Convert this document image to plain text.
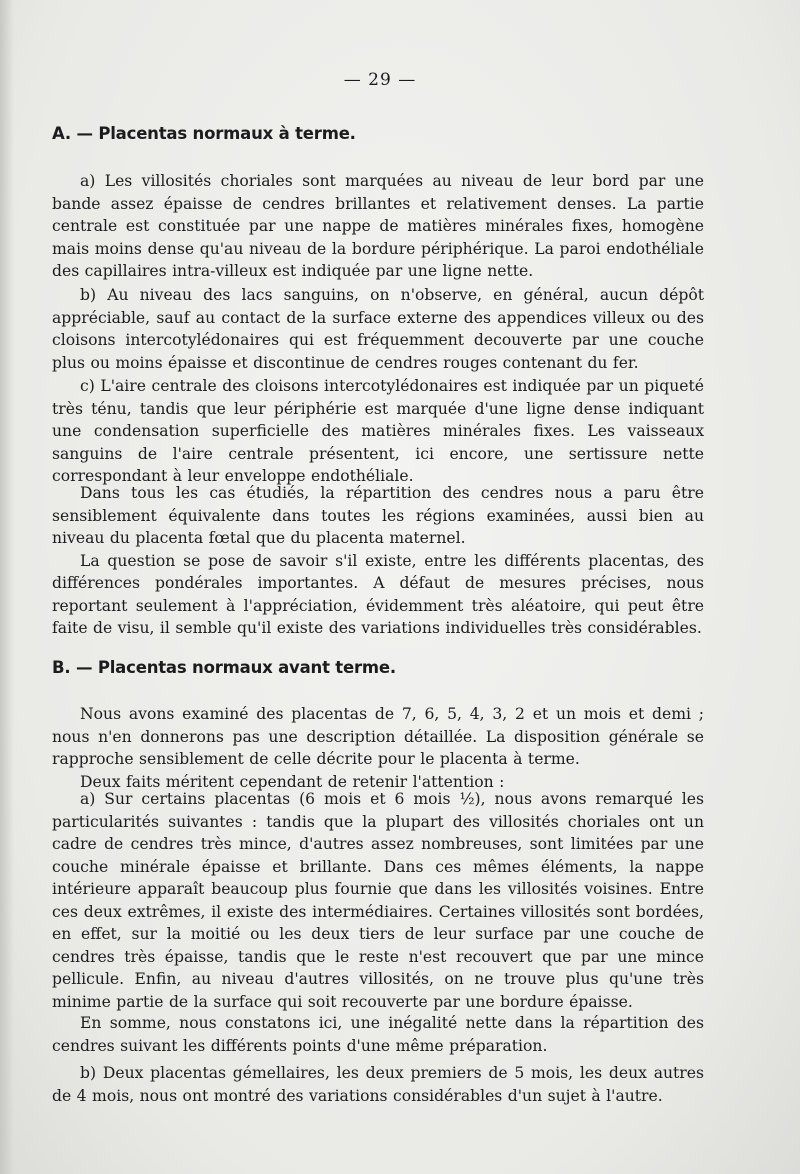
— 29 —
A. — Placentas normaux à terme.

a) Les villosités choriales sont marquées au niveau de leur bord par une bande assez épaisse de cendres brillantes et relativement denses. La partie centrale est constituée par une nappe de matières minérales fixes, homogène mais moins dense qu'au niveau de la bordure périphérique. La paroi endothéliale des capillaires intra-villeux est indiquée par une ligne nette.

b) Au niveau des lacs sanguins, on n'observe, en général, aucun dépôt appréciable, sauf au contact de la surface externe des appendices villeux ou des cloisons intercotylédonaires qui est fréquemment decouverte par une couche plus ou moins épaisse et discontinue de cendres rouges contenant du fer.

c) L'aire centrale des cloisons intercotylédonaires est indiquée par un piqueté très ténu, tandis que leur périphérie est marquée d'une ligne dense indiquant une condensation superficielle des matières minérales fixes. Les vaisseaux sanguins de l'aire centrale présentent, ici encore, une sertissure nette correspondant à leur enveloppe endothéliale.

Dans tous les cas étudiés, la répartition des cendres nous a paru être sensiblement équivalente dans toutes les régions examinées, aussi bien au niveau du placenta fœtal que du placenta maternel.

La question se pose de savoir s'il existe, entre les différents placentas, des différences pondérales importantes. A défaut de mesures précises, nous reportant seulement à l'appréciation, évidemment très aléatoire, qui peut être faite de visu, il semble qu'il existe des variations individuelles très considérables.

B. — Placentas normaux avant terme.

Nous avons examiné des placentas de 7, 6, 5, 4, 3, 2 et un mois et demi ; nous n'en donnerons pas une description détaillée. La disposition générale se rapproche sensiblement de celle décrite pour le placenta à terme.

Deux faits méritent cependant de retenir l'attention :

a) Sur certains placentas (6 mois et 6 mois ½), nous avons remarqué les particularités suivantes : tandis que la plupart des villosités choriales ont un cadre de cendres très mince, d'autres assez nombreuses, sont limitées par une couche minérale épaisse et brillante. Dans ces mêmes éléments, la nappe intérieure apparaît beaucoup plus fournie que dans les villosités voisines. Entre ces deux extrêmes, il existe des intermédiaires. Certaines villosités sont bordées, en effet, sur la moitié ou les deux tiers de leur surface par une couche de cendres très épaisse, tandis que le reste n'est recouvert que par une mince pellicule. Enfin, au niveau d'autres villosités, on ne trouve plus qu'une très minime partie de la surface qui soit recouverte par une bordure épaisse.

En somme, nous constatons ici, une inégalité nette dans la répartition des cendres suivant les différents points d'une même préparation.

b) Deux placentas gémellaires, les deux premiers de 5 mois, les deux autres de 4 mois, nous ont montré des variations considérables d'un sujet à l'autre.
